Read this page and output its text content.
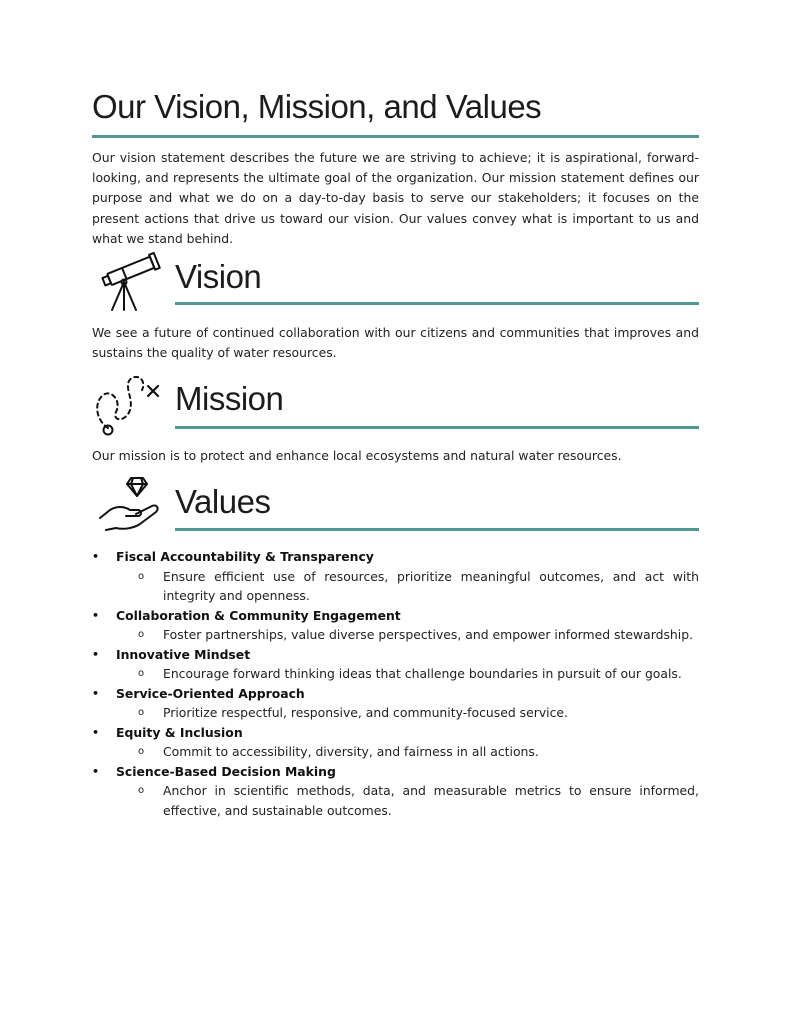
Our Vision, Mission, and Values

Our vision statement describes the future we are striving to achieve; it is aspirational, forward-looking, and represents the ultimate goal of the organization. Our mission statement defines our purpose and what we do on a day-to-day basis to serve our stakeholders; it focuses on the present actions that drive us toward our vision. Our values convey what is important to us and what we stand behind.

Vision

We see a future of continued collaboration with our citizens and communities that improves and sustains the quality of water resources.

Mission

Our mission is to protect and enhance local ecosystems and natural water resources.

Values
• Fiscal Accountability & Transparency
o Ensure efficient use of resources, prioritize meaningful outcomes, and act with integrity and openness.
• Collaboration & Community Engagement
o Foster partnerships, value diverse perspectives, and empower informed stewardship.
• Innovative Mindset
o Encourage forward thinking ideas that challenge boundaries in pursuit of our goals.
• Service-Oriented Approach
o Prioritize respectful, responsive, and community-focused service.
• Equity & Inclusion
o Commit to accessibility, diversity, and fairness in all actions.
• Science-Based Decision Making
o Anchor in scientific methods, data, and measurable metrics to ensure informed, effective, and sustainable outcomes.
